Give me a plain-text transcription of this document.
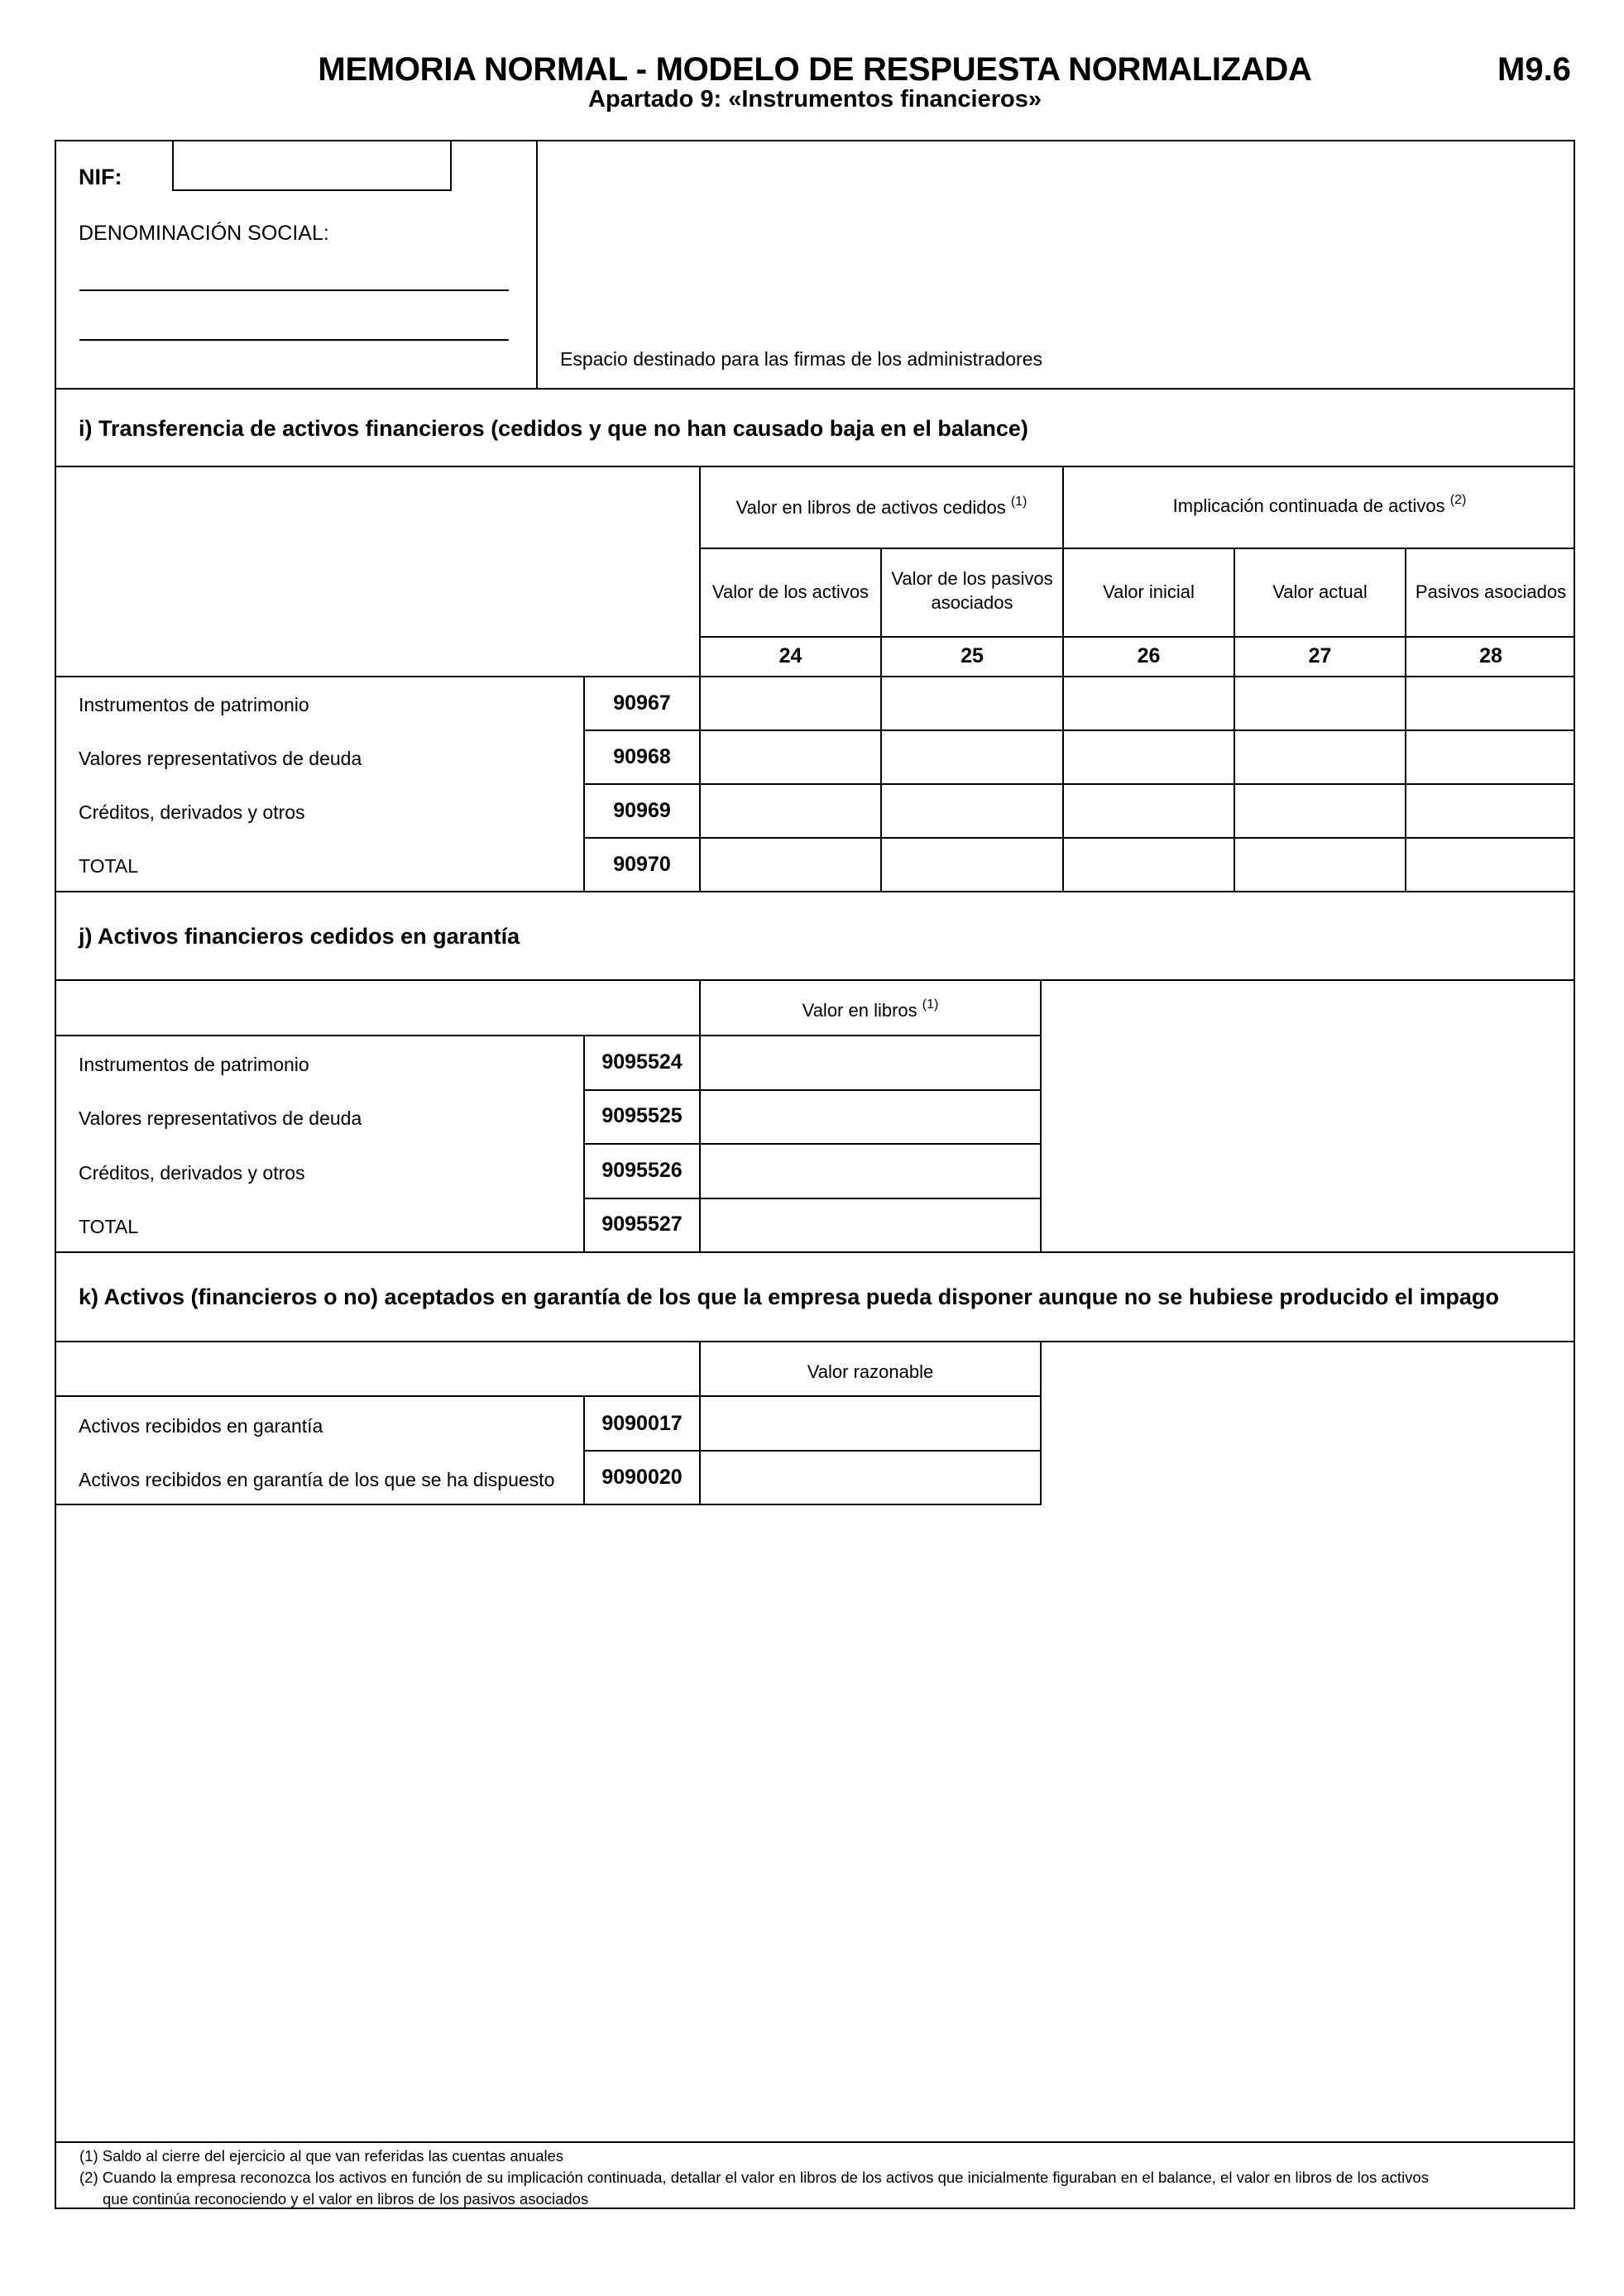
MEMORIA NORMAL - MODELO DE RESPUESTA NORMALIZADA	M9.6
Apartado 9: «Instrumentos financieros»
NIF:
DENOMINACIÓN SOCIAL:
Espacio destinado para las firmas de los administradores
i) Transferencia de activos financieros (cedidos y que no han causado baja en el balance)
Valor en libros de activos cedidos $^{(1)}$	Implicación continuada de activos $^{(2)}$
Valor de los activos
Valor de los pasivos asociados
Valor inicial	Valor actual	Pasivos asociados
24	25	26	27	28
Instrumentos de patrimonio	90967
Valores representativos de deuda	90968
Créditos, derivados y otros	90969
TOTAL	90970
j) Activos financieros cedidos en garantía
Valor en libros $^{(1)}$
Instrumentos de patrimonio	9095524
Valores representativos de deuda	9095525
Créditos, derivados y otros	9095526
TOTAL	9095527
k) Activos (financieros o no) aceptados en garantía de los que la empresa pueda disponer aunque no se hubiese producido el impago
Valor razonable
Activos recibidos en garantía	9090017
Activos recibidos en garantía de los que se ha dispuesto	9090020
(1) Saldo al cierre del ejercicio al que van referidas las cuentas anuales
(2) Cuando la empresa reconozca los activos en función de su implicación continuada, detallar el valor en libros de los activos que inicialmente figuraban en el balance, el valor en libros de los activos
que continúa reconociendo y el valor en libros de los pasivos asociados
